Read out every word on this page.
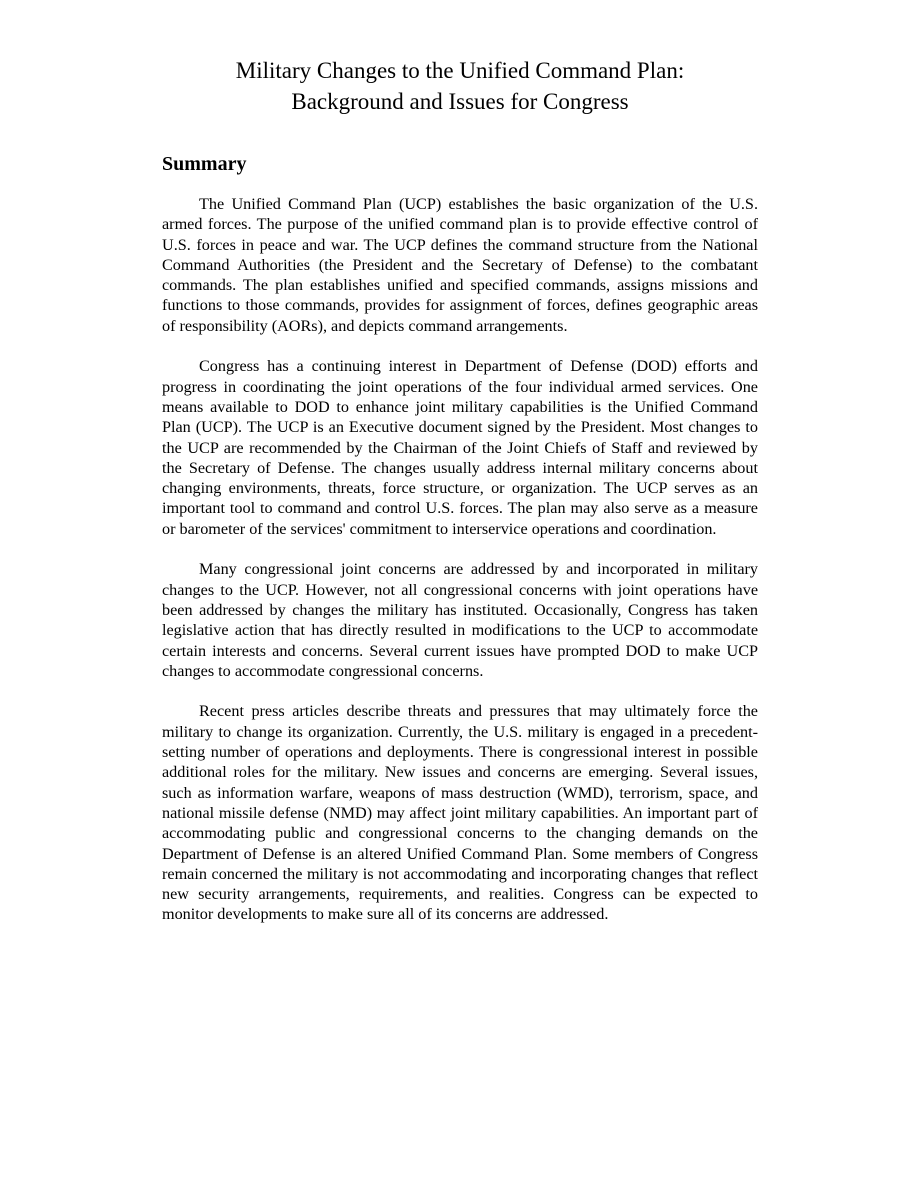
Military Changes to the Unified Command Plan:
Background and Issues for Congress
Summary

The Unified Command Plan (UCP) establishes the basic organization of the U.S. armed forces. The purpose of the unified command plan is to provide effective control of U.S. forces in peace and war. The UCP defines the command structure from the National Command Authorities (the President and the Secretary of Defense) to the combatant commands. The plan establishes unified and specified commands, assigns missions and functions to those commands, provides for assignment of forces, defines geographic areas of responsibility (AORs), and depicts command arrangements.

Congress has a continuing interest in Department of Defense (DOD) efforts and progress in coordinating the joint operations of the four individual armed services. One means available to DOD to enhance joint military capabilities is the Unified Command Plan (UCP). The UCP is an Executive document signed by the President. Most changes to the UCP are recommended by the Chairman of the Joint Chiefs of Staff and reviewed by the Secretary of Defense. The changes usually address internal military concerns about changing environments, threats, force structure, or organization. The UCP serves as an important tool to command and control U.S. forces. The plan may also serve as a measure or barometer of the services' commitment to interservice operations and coordination.

Many congressional joint concerns are addressed by and incorporated in military changes to the UCP. However, not all congressional concerns with joint operations have been addressed by changes the military has instituted. Occasionally, Congress has taken legislative action that has directly resulted in modifications to the UCP to accommodate certain interests and concerns. Several current issues have prompted DOD to make UCP changes to accommodate congressional concerns.

Recent press articles describe threats and pressures that may ultimately force the military to change its organization. Currently, the U.S. military is engaged in a precedent-setting number of operations and deployments. There is congressional interest in possible additional roles for the military. New issues and concerns are emerging. Several issues, such as information warfare, weapons of mass destruction (WMD), terrorism, space, and national missile defense (NMD) may affect joint military capabilities. An important part of accommodating public and congressional concerns to the changing demands on the Department of Defense is an altered Unified Command Plan. Some members of Congress remain concerned the military is not accommodating and incorporating changes that reflect new security arrangements, requirements, and realities. Congress can be expected to monitor developments to make sure all of its concerns are addressed.
